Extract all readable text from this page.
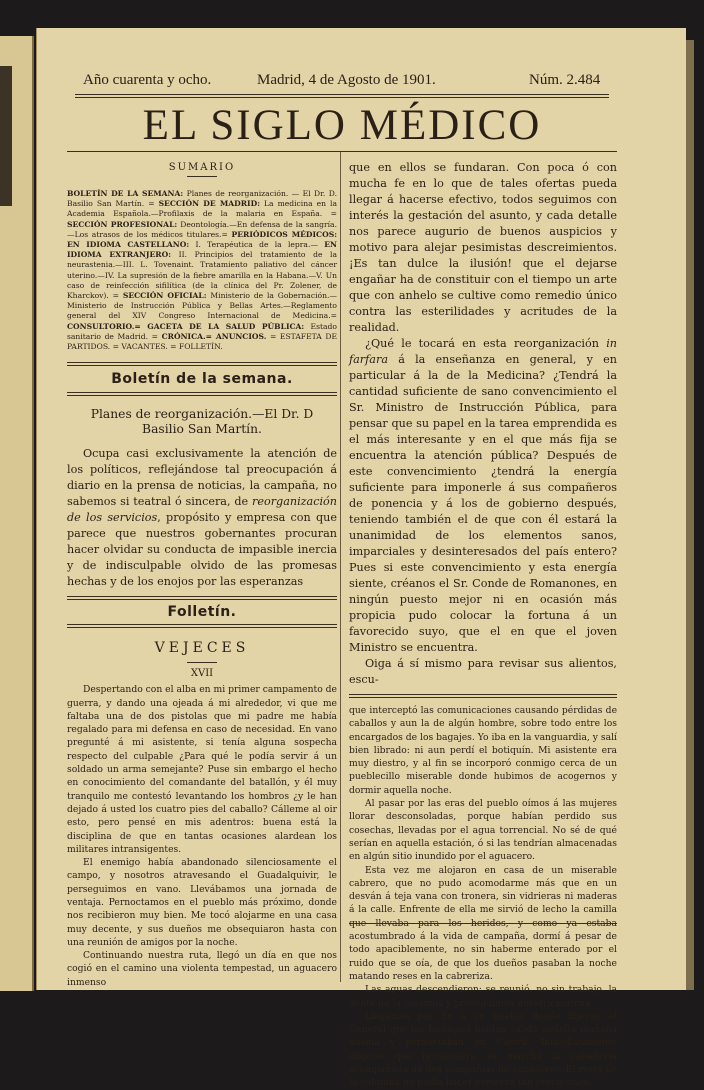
Año cuarenta y ocho.	Madrid, 4 de Agosto de 1901.	Núm. 2.484
EL SIGLO MÉDICO
SUMARIO
BOLETÍN DE LA SEMANA: Planes de reorganización. — El Dr. D. Basilio San Martín. = SECCIÓN DE MADRID: La medicina en la Academia Española.—Profilaxis de la malaria en España. = SECCIÓN PROFESIONAL: Deontología.—En defensa de la sangría.—Los atrasos de los médicos titulares.= PERIÓDICOS MÉDICOS: EN IDIOMA CASTELLANO: I. Terapéutica de la lepra.— EN IDIOMA EXTRANJERO: II. Principios del tratamiento de la neurastenia.—III. L. Tovenaint. Tratamiento paliativo del cáncer uterino.—IV. La supresión de la fiebre amarilla en la Habana.—V. Un caso de reinfección sifilítica (de la clínica del Pr. Zolener, de Kharckov). = SECCIÓN OFICIAL: Ministerio de la Gobernación.—Ministerio de Instrucción Pública y Bellas Artes.—Reglamento general del XIV Congreso Internacional de Medicina.= CONSULTORIO.= GACETA DE LA SALUD PÚBLICA: Estado sanitario de Madrid. = CRÓNICA.= ANUNCIOS. = ESTAFETA DE PARTIDOS. = VACANTES. = FOLLETÍN.
Boletín de la semana.
Planes de reorganización.—El Dr. D Basilio San Martín.

Ocupa casi exclusivamente la atención de los políticos, reflejándose tal preocupación á diario en la prensa de noticias, la campaña, no sabemos si teatral ó sincera, de reorganización de los servicios, propósito y empresa con que parece que nuestros gobernantes procuran hacer olvidar su conducta de impasible inercia y de indisculpable olvido de las promesas hechas y de los enojos por las esperanzas

Folletín.
VEJECES
XVII

Despertando con el alba en mi primer campamento de guerra, y dando una ojeada á mi alrededor, vi que me faltaba una de dos pistolas que mi padre me había regalado para mi defensa en caso de necesidad. En vano pregunté á mi asistente, si tenía alguna sospecha respecto del culpable ¿Para qué le podía servir á un soldado un arma semejante? Puse sin embargo el hecho en conocimiento del comandante del batallón, y él muy tranquilo me contestó levantando los hombros ¿y le han dejado á usted los cuatro pies del caballo? Cálleme al oir esto, pero pensé en mis adentros: buena está la disciplina de que en tantas ocasiones alardean los militares intransigentes.

El enemigo había abandonado silenciosamente el campo, y nosotros atravesando el Guadalquivir, le perseguimos en vano. Llevábamos una jornada de ventaja. Pernoctamos en el pueblo más próximo, donde nos recibieron muy bien. Me tocó alojarme en una casa muy decente, y sus dueños me obsequiaron hasta con una reunión de amigos por la noche.

Continuando nuestra ruta, llegó un día en que nos cogió en el camino una violenta tempestad, un aguacero inmenso

que en ellos se fundaran. Con poca ó con mucha fe en lo que de tales ofertas pueda llegar á hacerse efectivo, todos seguimos con interés la gestación del asunto, y cada detalle nos parece augurio de buenos auspicios y motivo para alejar pesimistas descreimientos. ¡Es tan dulce la ilusión! que el dejarse engañar ha de constituir con el tiempo un arte que con anhelo se cultive como remedio único contra las esterilidades y acritudes de la realidad.

¿Qué le tocará en esta reorganización in farfara á la enseñanza en general, y en particular á la de la Medicina? ¿Tendrá la cantidad suficiente de sano convencimiento el Sr. Ministro de Instrucción Pública, para pensar que su papel en la tarea emprendida es el más interesante y en el que más fija se encuentra la atención pública? Después de este convencimiento ¿tendrá la energía suficiente para imponerle á sus compañeros de ponencia y á los de gobierno después, teniendo también el de que con él estará la unanimidad de los elementos sanos, imparciales y desinteresados del país entero? Pues si este convencimiento y esta energía siente, créanos el Sr. Conde de Romanones, en ningún puesto mejor ni en ocasión más propicia pudo colocar la fortuna á un favorecido suyo, que el en que el joven Ministro se encuentra.

Oiga á sí mismo para revisar sus alientos, escu-

que interceptó las comunicaciones causando pérdidas de caballos y aun la de algún hombre, sobre todo entre los encargados de los bagajes. Yo iba en la vanguardia, y salí bien librado: ni aun perdí el botiquín. Mi asistente era muy diestro, y al fin se incorporó conmigo cerca de un pueblecillo miserable donde hubimos de acogernos y dormir aquella noche.

Al pasar por las eras del pueblo oímos á las mujeres llorar desconsoladas, porque habían perdido sus cosechas, llevadas por el agua torrencial. No sé de qué serían en aquella estación, ó si las tendrían almacenadas en algún sitio inundido por el aguacero.

Esta vez me alojaron en casa de un miserable cabrero, que no pudo acomodarme más que en un desván á teja vana con tronera, sin vidrieras ni maderas á la calle. Enfrente de ella me sirvió de lecho la camilla que llevaba para los heridos, y como ya estaba acostumbrado á la vida de campaña, dormí á pesar de todo apaciblemente, no sin haberme enterado por el ruido que se oía, de que los dueños pasaban la noche matando reses en la cabreriza.

Las aguas descendieron; se reunió, no sin trabajo, la gente de la columna y proseguimos nuestra marcha.

Llegamos por fin á un pueblo donde dijeron al General que los facciosos habían salido aquella mañana misma y pernoctaban en Castril. Inmediatamente dispuso que prosiguiera su marcha la caballería acompañada de dos compañías de cazadores. El resto de la columna no podía hacer esfuerzo tan precipitado.
